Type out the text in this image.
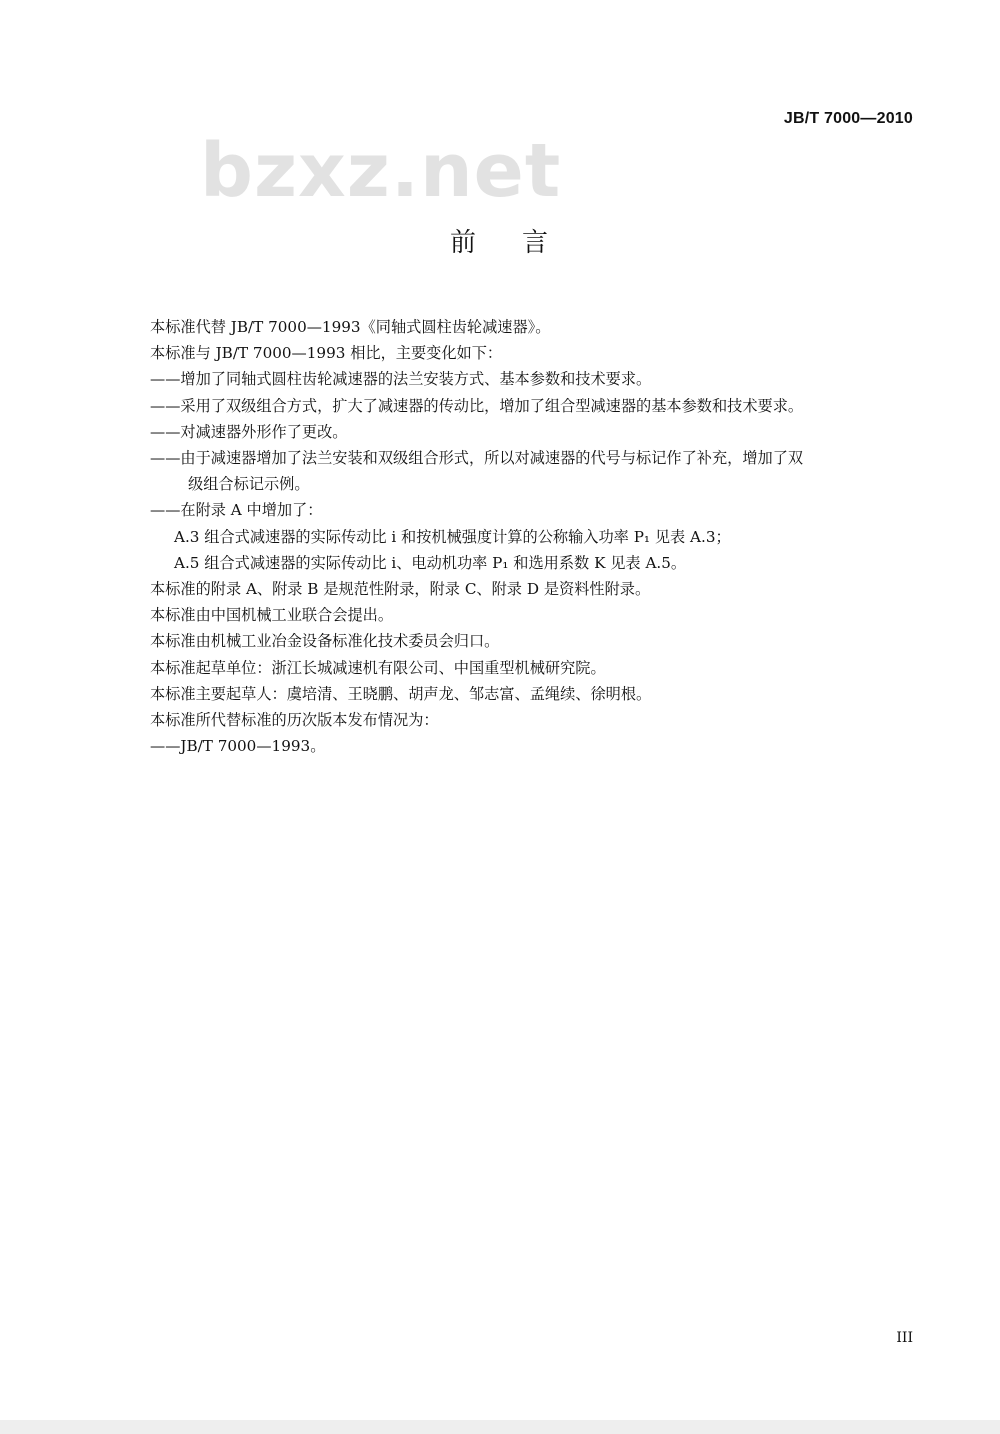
JB/T 7000—2010
bzxz.net
前 言

本标准代替 JB/T 7000—1993《同轴式圆柱齿轮减速器》。

本标准与 JB/T 7000—1993 相比，主要变化如下：

——增加了同轴式圆柱齿轮减速器的法兰安装方式、基本参数和技术要求。

——采用了双级组合方式，扩大了减速器的传动比，增加了组合型减速器的基本参数和技术要求。

——对减速器外形作了更改。

——由于减速器增加了法兰安装和双级组合形式，所以对减速器的代号与标记作了补充，增加了双

级组合标记示例。

——在附录 A 中增加了：

A.3 组合式减速器的实际传动比 i 和按机械强度计算的公称输入功率 P₁ 见表 A.3；

A.5 组合式减速器的实际传动比 i、电动机功率 P₁ 和选用系数 K 见表 A.5。

本标准的附录 A、附录 B 是规范性附录，附录 C、附录 D 是资料性附录。

本标准由中国机械工业联合会提出。

本标准由机械工业冶金设备标准化技术委员会归口。

本标准起草单位：浙江长城减速机有限公司、中国重型机械研究院。

本标准主要起草人：虞培清、王晓鹏、胡声龙、邹志富、孟绳续、徐明根。

本标准所代替标准的历次版本发布情况为：

——JB/T 7000—1993。

III
